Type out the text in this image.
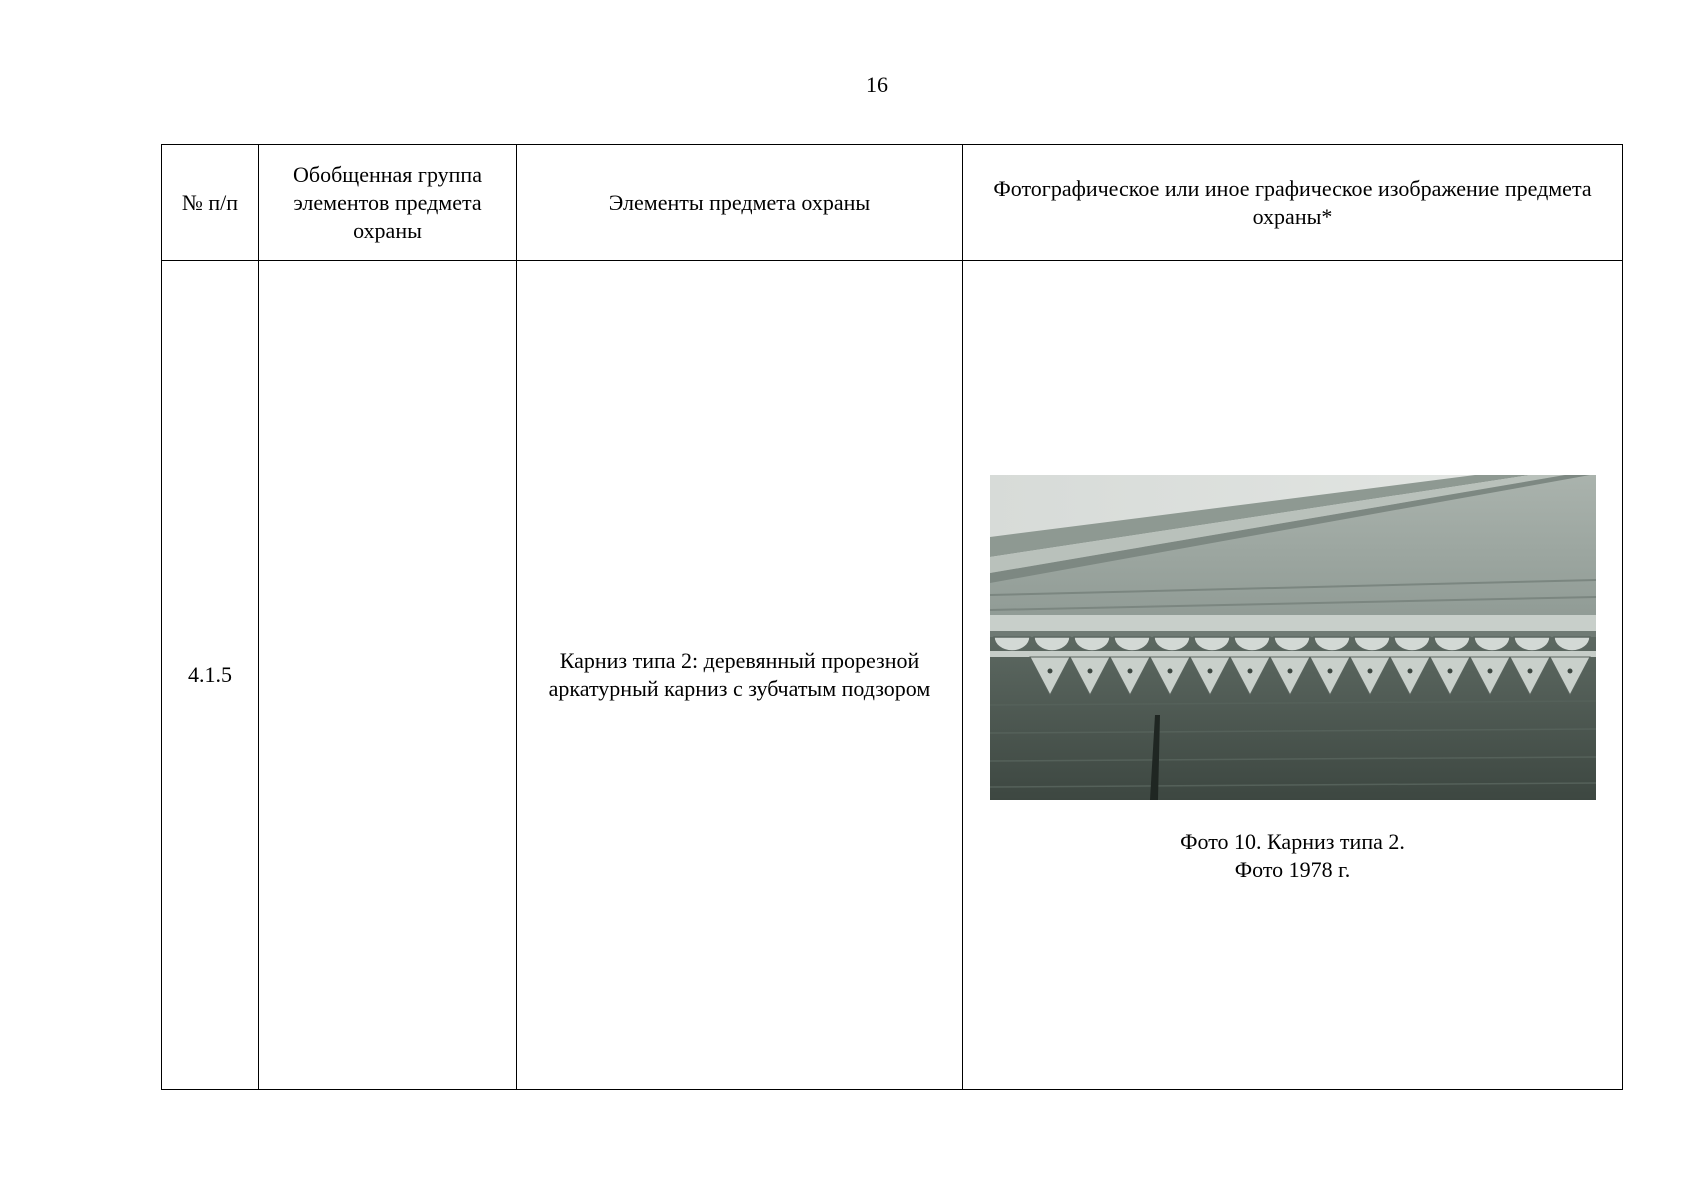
16
№ п/п	Обобщенная группа элементов предмета охраны	Элементы предмета охраны	Фотографическое или иное графическое изображение предмета охраны*
4.1.5		Карниз типа 2: деревянный прорезной аркатурный карниз с зубчатым подзором	Фото 10. Карниз типа 2.
Фото 1978 г.
